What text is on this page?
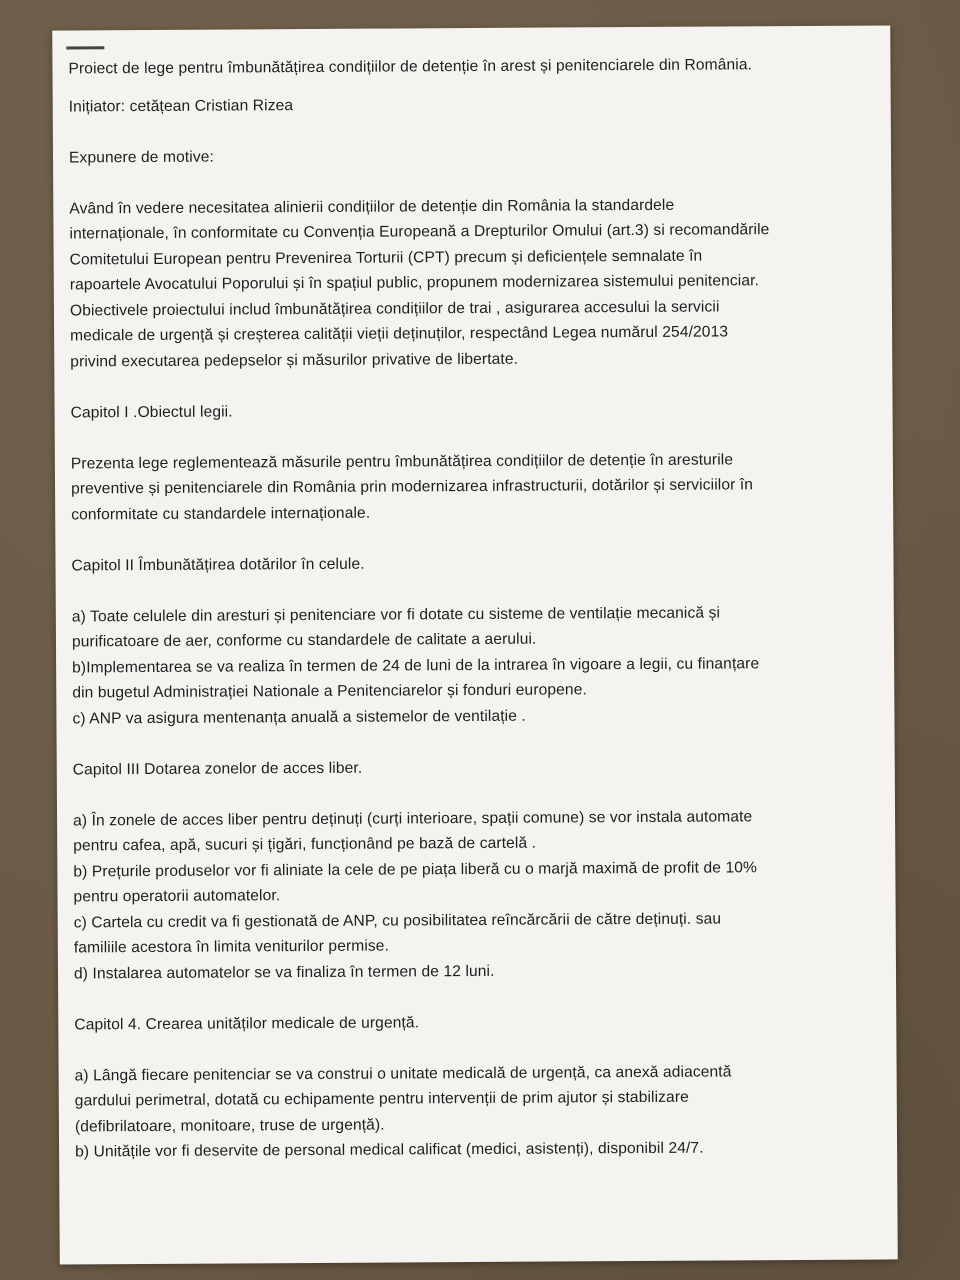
Proiect de lege pentru îmbunătățirea condițiilor de detenție în arest și penitenciarele din România.
Inițiator: cetățean Cristian Rizea
Expunere de motive:
Având în vedere necesitatea alinierii condițiilor de detenție din România la standardele
internaționale, în conformitate cu Convenția Europeană a Drepturilor Omului (art.3) si recomandările
Comitetului European pentru Prevenirea Torturii (CPT) precum și deficiențele semnalate în
rapoartele Avocatului Poporului și în spațiul public, propunem modernizarea sistemului penitenciar.
Obiectivele proiectului includ îmbunătățirea condițiilor de trai , asigurarea accesului la servicii
medicale de urgență și creșterea calității vieții deținuților, respectând Legea numărul 254/2013
privind executarea pedepselor și măsurilor privative de libertate.
Capitol I .Obiectul legii.
Prezenta lege reglementează măsurile pentru îmbunătățirea condițiilor de detenție în aresturile
preventive și penitenciarele din România prin modernizarea infrastructurii, dotărilor și serviciilor în
conformitate cu standardele internaționale.
Capitol II Îmbunătățirea dotărilor în celule.
a) Toate celulele din aresturi și penitenciare vor fi dotate cu sisteme de ventilație mecanică și
purificatoare de aer, conforme cu standardele de calitate a aerului.
b)Implementarea se va realiza în termen de 24 de luni de la intrarea în vigoare a legii, cu finanțare
din bugetul Administrației Nationale a Penitenciarelor și fonduri europene.
c) ANP va asigura mentenanța anuală a sistemelor de ventilație .
Capitol III Dotarea zonelor de acces liber.
a) În zonele de acces liber pentru deținuți (curți interioare, spații comune) se vor instala automate
pentru cafea, apă, sucuri și țigări, funcționând pe bază de cartelă .
b) Prețurile produselor vor fi aliniate la cele de pe piața liberă cu o marjă maximă de profit de 10%
pentru operatorii automatelor.
c) Cartela cu credit va fi gestionată de ANP, cu posibilitatea reîncărcării de către deținuți. sau
familiile acestora în limita veniturilor permise.
d) Instalarea automatelor se va finaliza în termen de 12 luni.
Capitol 4. Crearea unităților medicale de urgență.
a) Lângă fiecare penitenciar se va construi o unitate medicală de urgență, ca anexă adiacentă
gardului perimetral, dotată cu echipamente pentru intervenții de prim ajutor și stabilizare
(defibrilatoare, monitoare, truse de urgență).
b) Unitățile vor fi deservite de personal medical calificat (medici, asistenți), disponibil 24/7.
